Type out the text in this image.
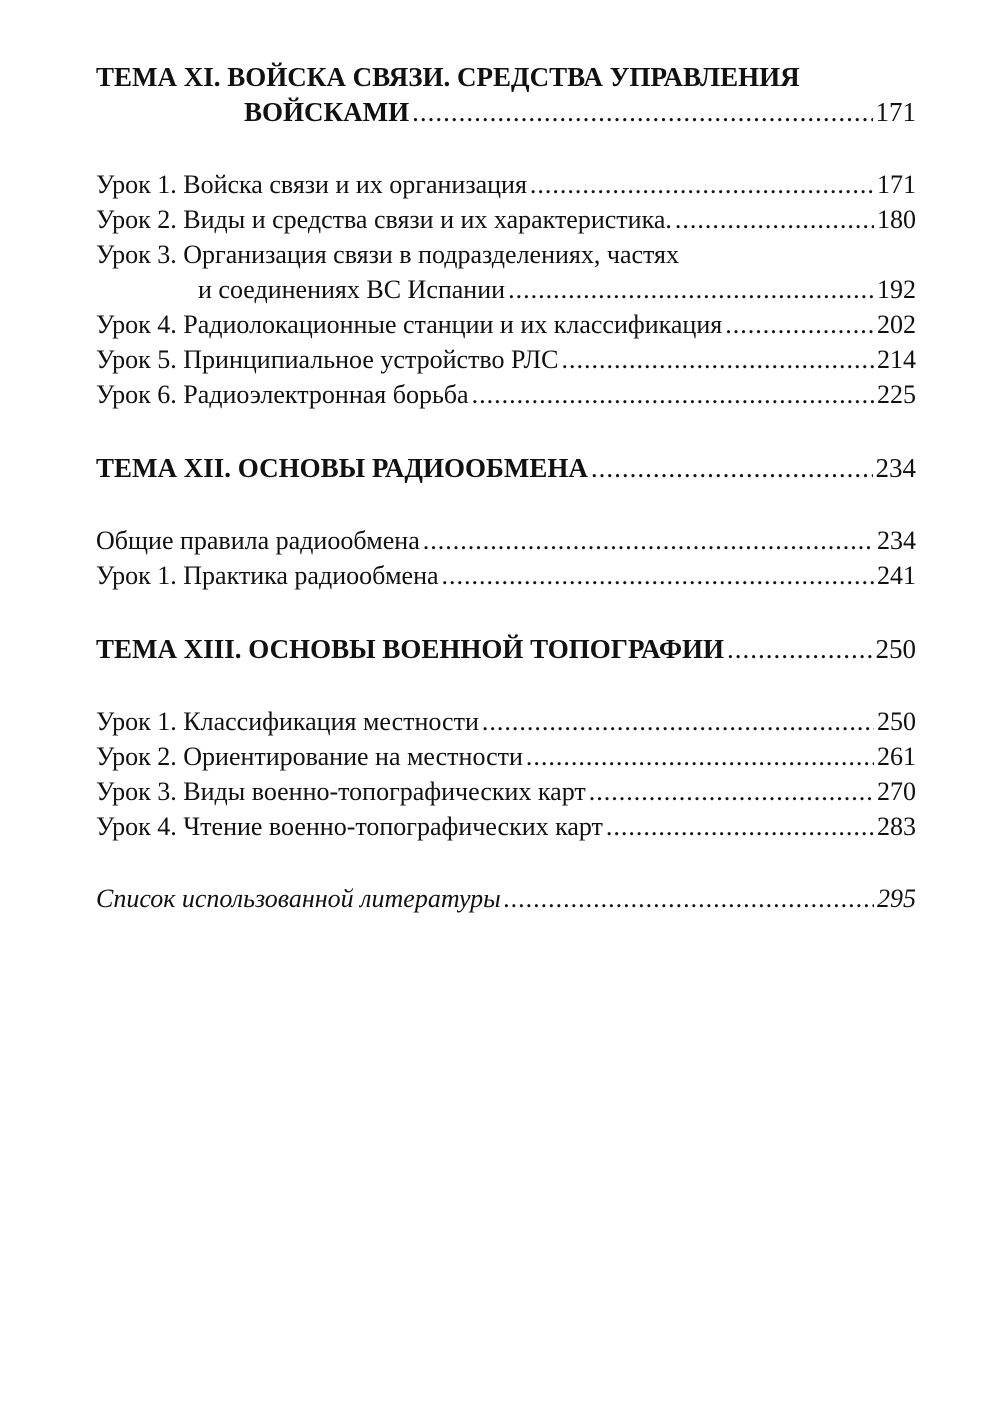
ТЕМА XI. ВОЙСКА СВЯЗИ. СРЕДСТВА УПРАВЛЕНИЯ
ВОЙСКАМИ .....	171
Урок 1. Войска связи и их организация .....	171
Урок 2. Виды и средства связи и их характеристика. .....	180
Урок 3. Организация связи в подразделениях, частях
и соединениях ВС Испании .....	192
Урок 4. Радиолокационные станции и их классификация .....	202
Урок 5. Принципиальное устройство РЛС .....	214
Урок 6. Радиоэлектронная борьба .....	225
ТЕМА XII. ОСНОВЫ РАДИООБМЕНА .....	234
Общие правила радиообмена .....	234
Урок 1. Практика радиообмена .....	241
ТЕМА XIII. ОСНОВЫ ВОЕННОЙ ТОПОГРАФИИ .....	250
Урок 1. Классификация местности .....	250
Урок 2. Ориентирование на местности .....	261
Урок 3. Виды военно-топографических карт .....	270
Урок 4. Чтение военно-топографических карт .....	283
Список использованной литературы .....	295
